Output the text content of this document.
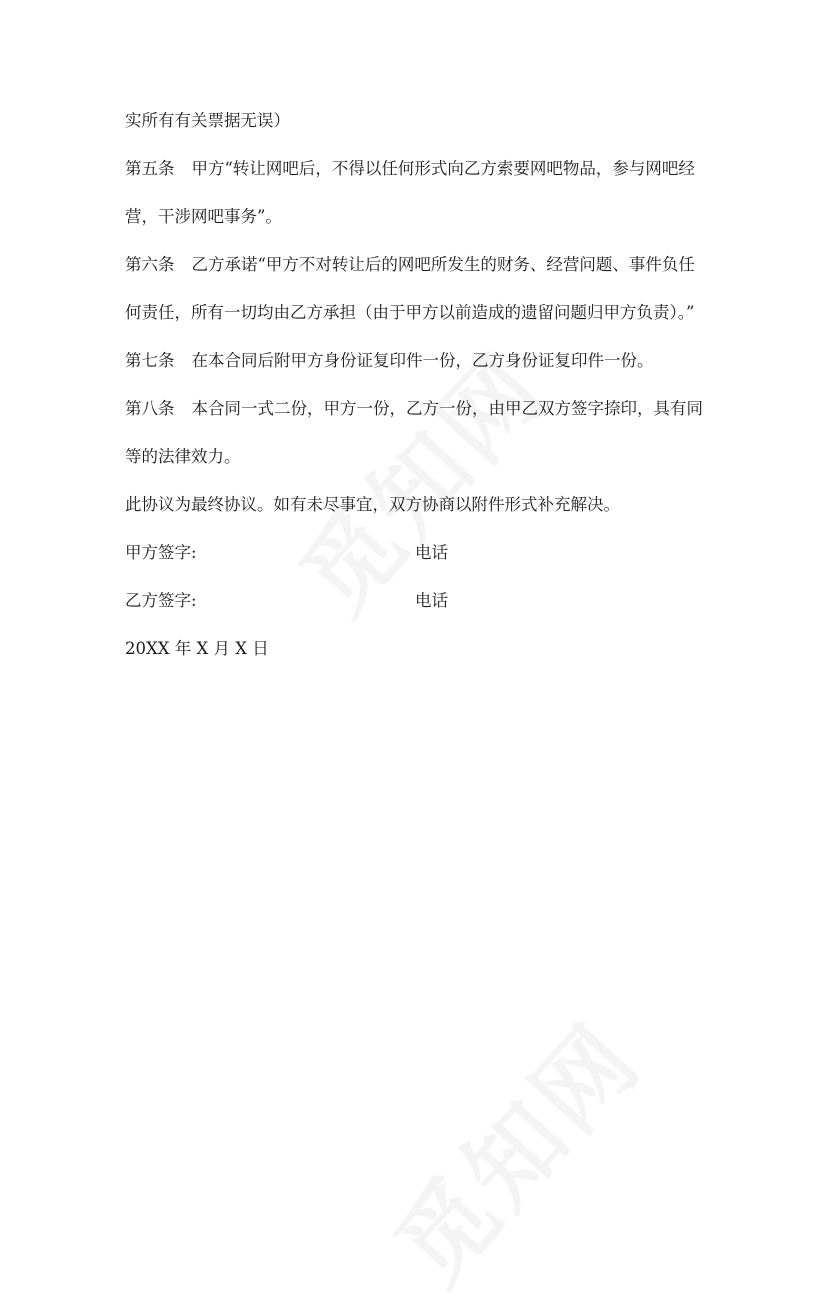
实所有有关票据无误）

第五条 甲方“转让网吧后，不得以任何形式向乙方索要网吧物品，参与网吧经

营，干涉网吧事务”。

第六条 乙方承诺“甲方不对转让后的网吧所发生的财务、经营问题、事件负任

何责任，所有一切均由乙方承担（由于甲方以前造成的遗留问题归甲方负责）。”

第七条 在本合同后附甲方身份证复印件一份，乙方身份证复印件一份。

第八条 本合同一式二份，甲方一份，乙方一份，由甲乙双方签字捺印，具有同

等的法律效力。

此协议为最终协议。如有未尽事宜，双方协商以附件形式补充解决。

甲方签字:	电话
乙方签字:	电话

20XX 年 X 月 X 日
